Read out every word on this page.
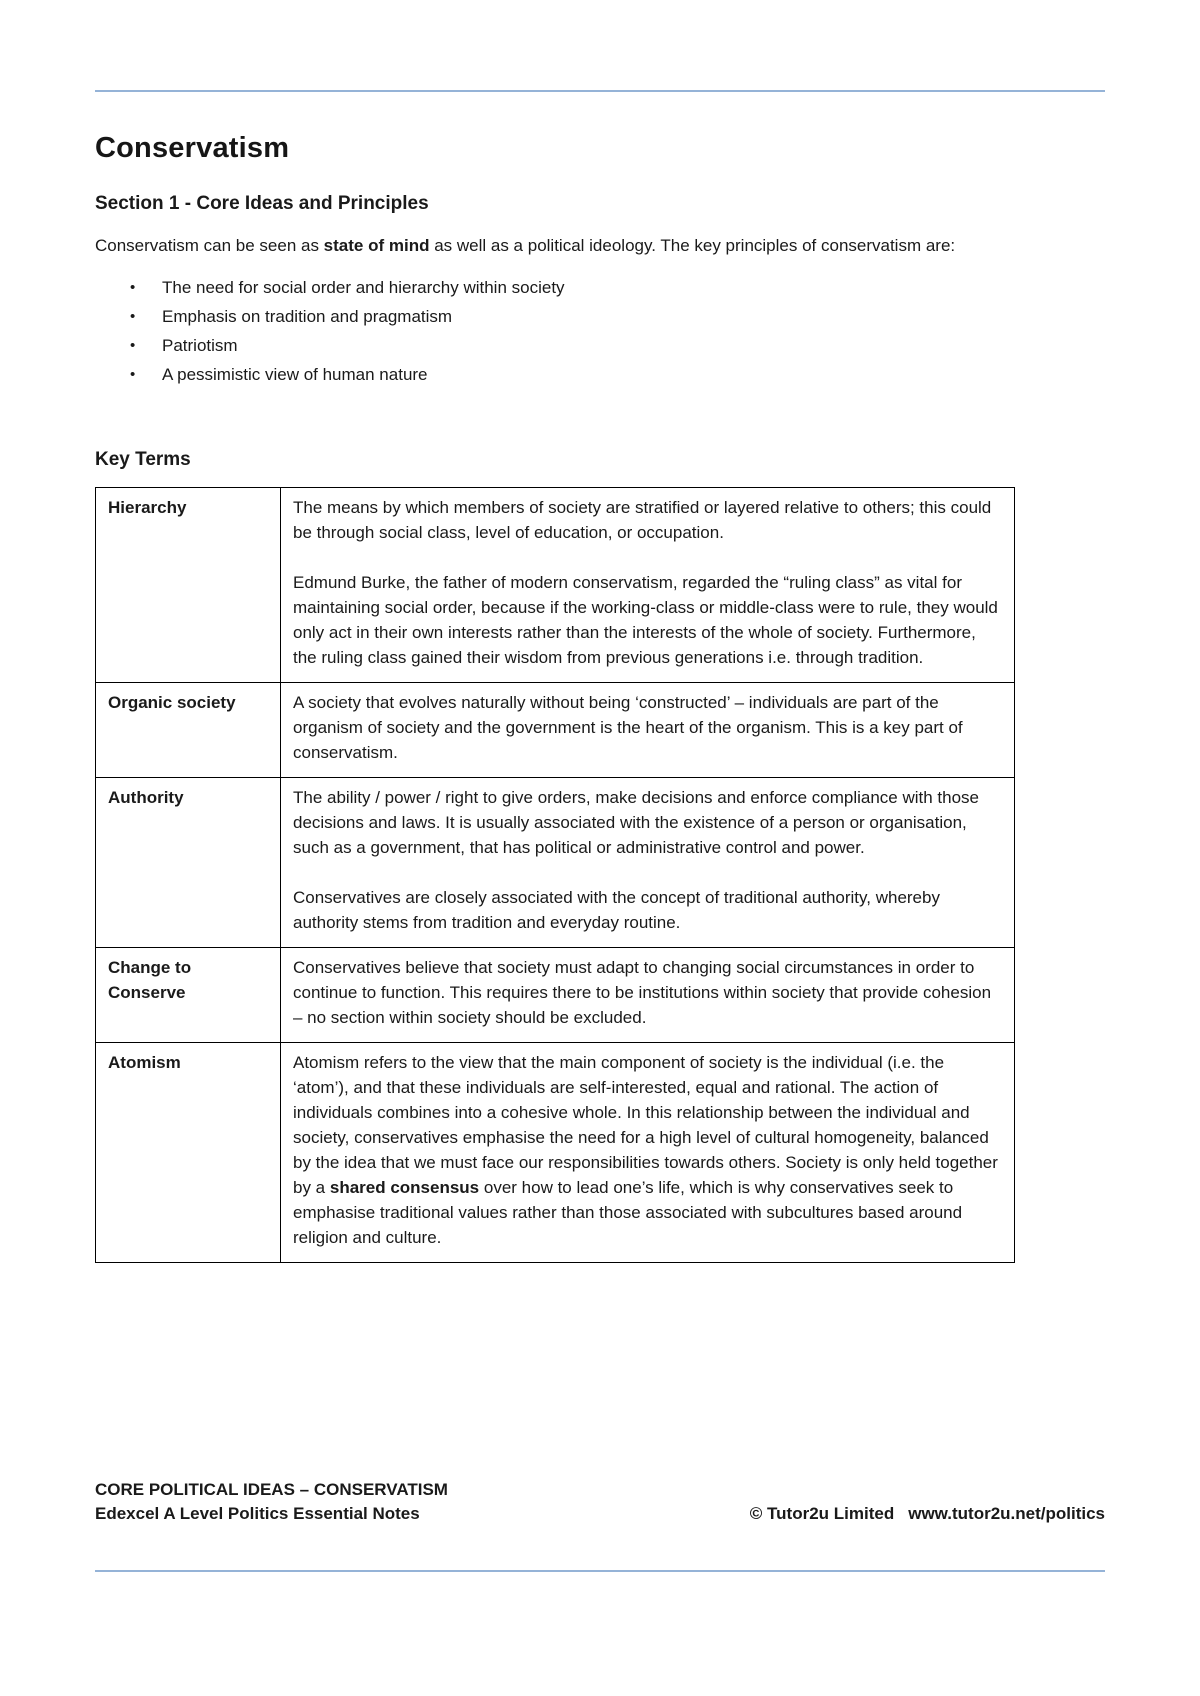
Conservatism
Section 1 - Core Ideas and Principles

Conservatism can be seen as state of mind as well as a political ideology. The key principles of conservatism are:

• The need for social order and hierarchy within society
• Emphasis on tradition and pragmatism
• Patriotism
• A pessimistic view of human nature
Key Terms
Hierarchy	The means by which members of society are stratified or layered relative to others; this could be through social class, level of education, or occupation.

Edmund Burke, the father of modern conservatism, regarded the “ruling class” as vital for maintaining social order, because if the working-class or middle-class were to rule, they would only act in their own interests rather than the interests of the whole of society. Furthermore, the ruling class gained their wisdom from previous generations i.e. through tradition.

Organic society	A society that evolves naturally without being ‘constructed’ – individuals are part of the organism of society and the government is the heart of the organism. This is a key part of conservatism.

Authority	The ability / power / right to give orders, make decisions and enforce compliance with those decisions and laws. It is usually associated with the existence of a person or organisation, such as a government, that has political or administrative control and power.

Conservatives are closely associated with the concept of traditional authority, whereby authority stems from tradition and everyday routine.

Change to Conserve	Conservatives believe that society must adapt to changing social circumstances in order to continue to function. This requires there to be institutions within society that provide cohesion – no section within society should be excluded.

Atomism	Atomism refers to the view that the main component of society is the individual (i.e. the ‘atom’), and that these individuals are self-interested, equal and rational. The action of individuals combines into a cohesive whole. In this relationship between the individual and society, conservatives emphasise the need for a high level of cultural homogeneity, balanced by the idea that we must face our responsibilities towards others. Society is only held together by a shared consensus over how to lead one’s life, which is why conservatives seek to emphasise traditional values rather than those associated with subcultures based around religion and culture.

CORE POLITICAL IDEAS – CONSERVATISM
Edexcel A Level Politics Essential Notes	© Tutor2u Limited www.tutor2u.net/politics
